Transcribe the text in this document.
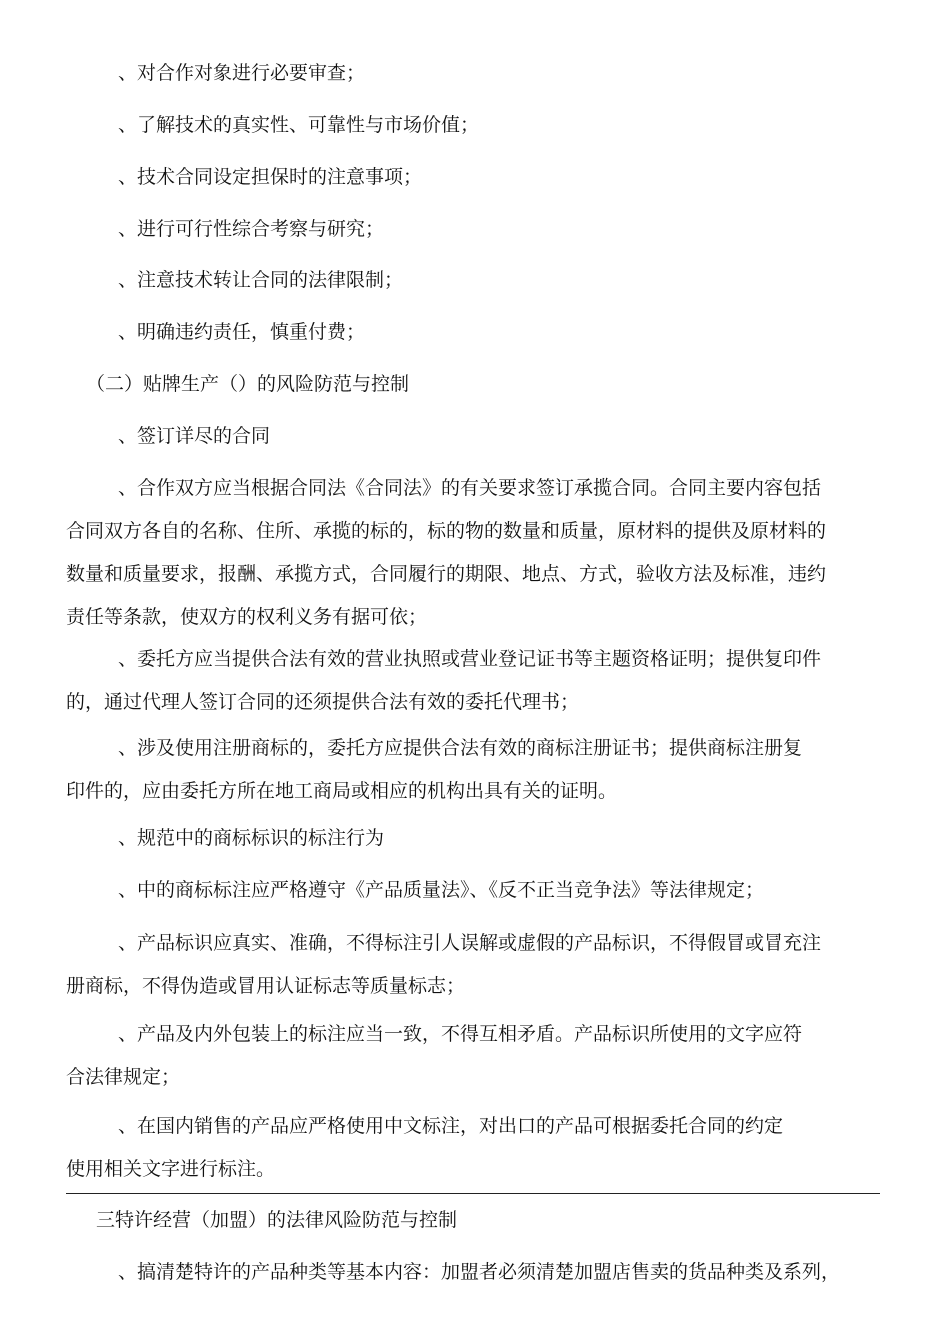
、对合作对象进行必要审查；
、了解技术的真实性、可靠性与市场价值；
、技术合同设定担保时的注意事项；
、进行可行性综合考察与研究；
、注意技术转让合同的法律限制；
、明确违约责任，慎重付费；
（二）贴牌生产（）的风险防范与控制
、签订详尽的合同
、合作双方应当根据合同法《合同法》的有关要求签订承揽合同。合同主要内容包括
合同双方各自的名称、住所、承揽的标的，标的物的数量和质量，原材料的提供及原材料的
数量和质量要求，报酬、承揽方式，合同履行的期限、地点、方式，验收方法及标准，违约
责任等条款，使双方的权利义务有据可依；
、委托方应当提供合法有效的营业执照或营业登记证书等主题资格证明；提供复印件
的，通过代理人签订合同的还须提供合法有效的委托代理书；
、涉及使用注册商标的，委托方应提供合法有效的商标注册证书；提供商标注册复
印件的，应由委托方所在地工商局或相应的机构出具有关的证明。
、规范中的商标标识的标注行为
、中的商标标注应严格遵守《产品质量法》、《反不正当竞争法》等法律规定；
、产品标识应真实、准确，不得标注引人误解或虚假的产品标识，不得假冒或冒充注
册商标，不得伪造或冒用认证标志等质量标志；
、产品及内外包装上的标注应当一致，不得互相矛盾。产品标识所使用的文字应符
合法律规定；
、在国内销售的产品应严格使用中文标注，对出口的产品可根据委托合同的约定
使用相关文字进行标注。
三特许经营（加盟）的法律风险防范与控制
、搞清楚特许的产品种类等基本内容：加盟者必须清楚加盟店售卖的货品种类及系列，
